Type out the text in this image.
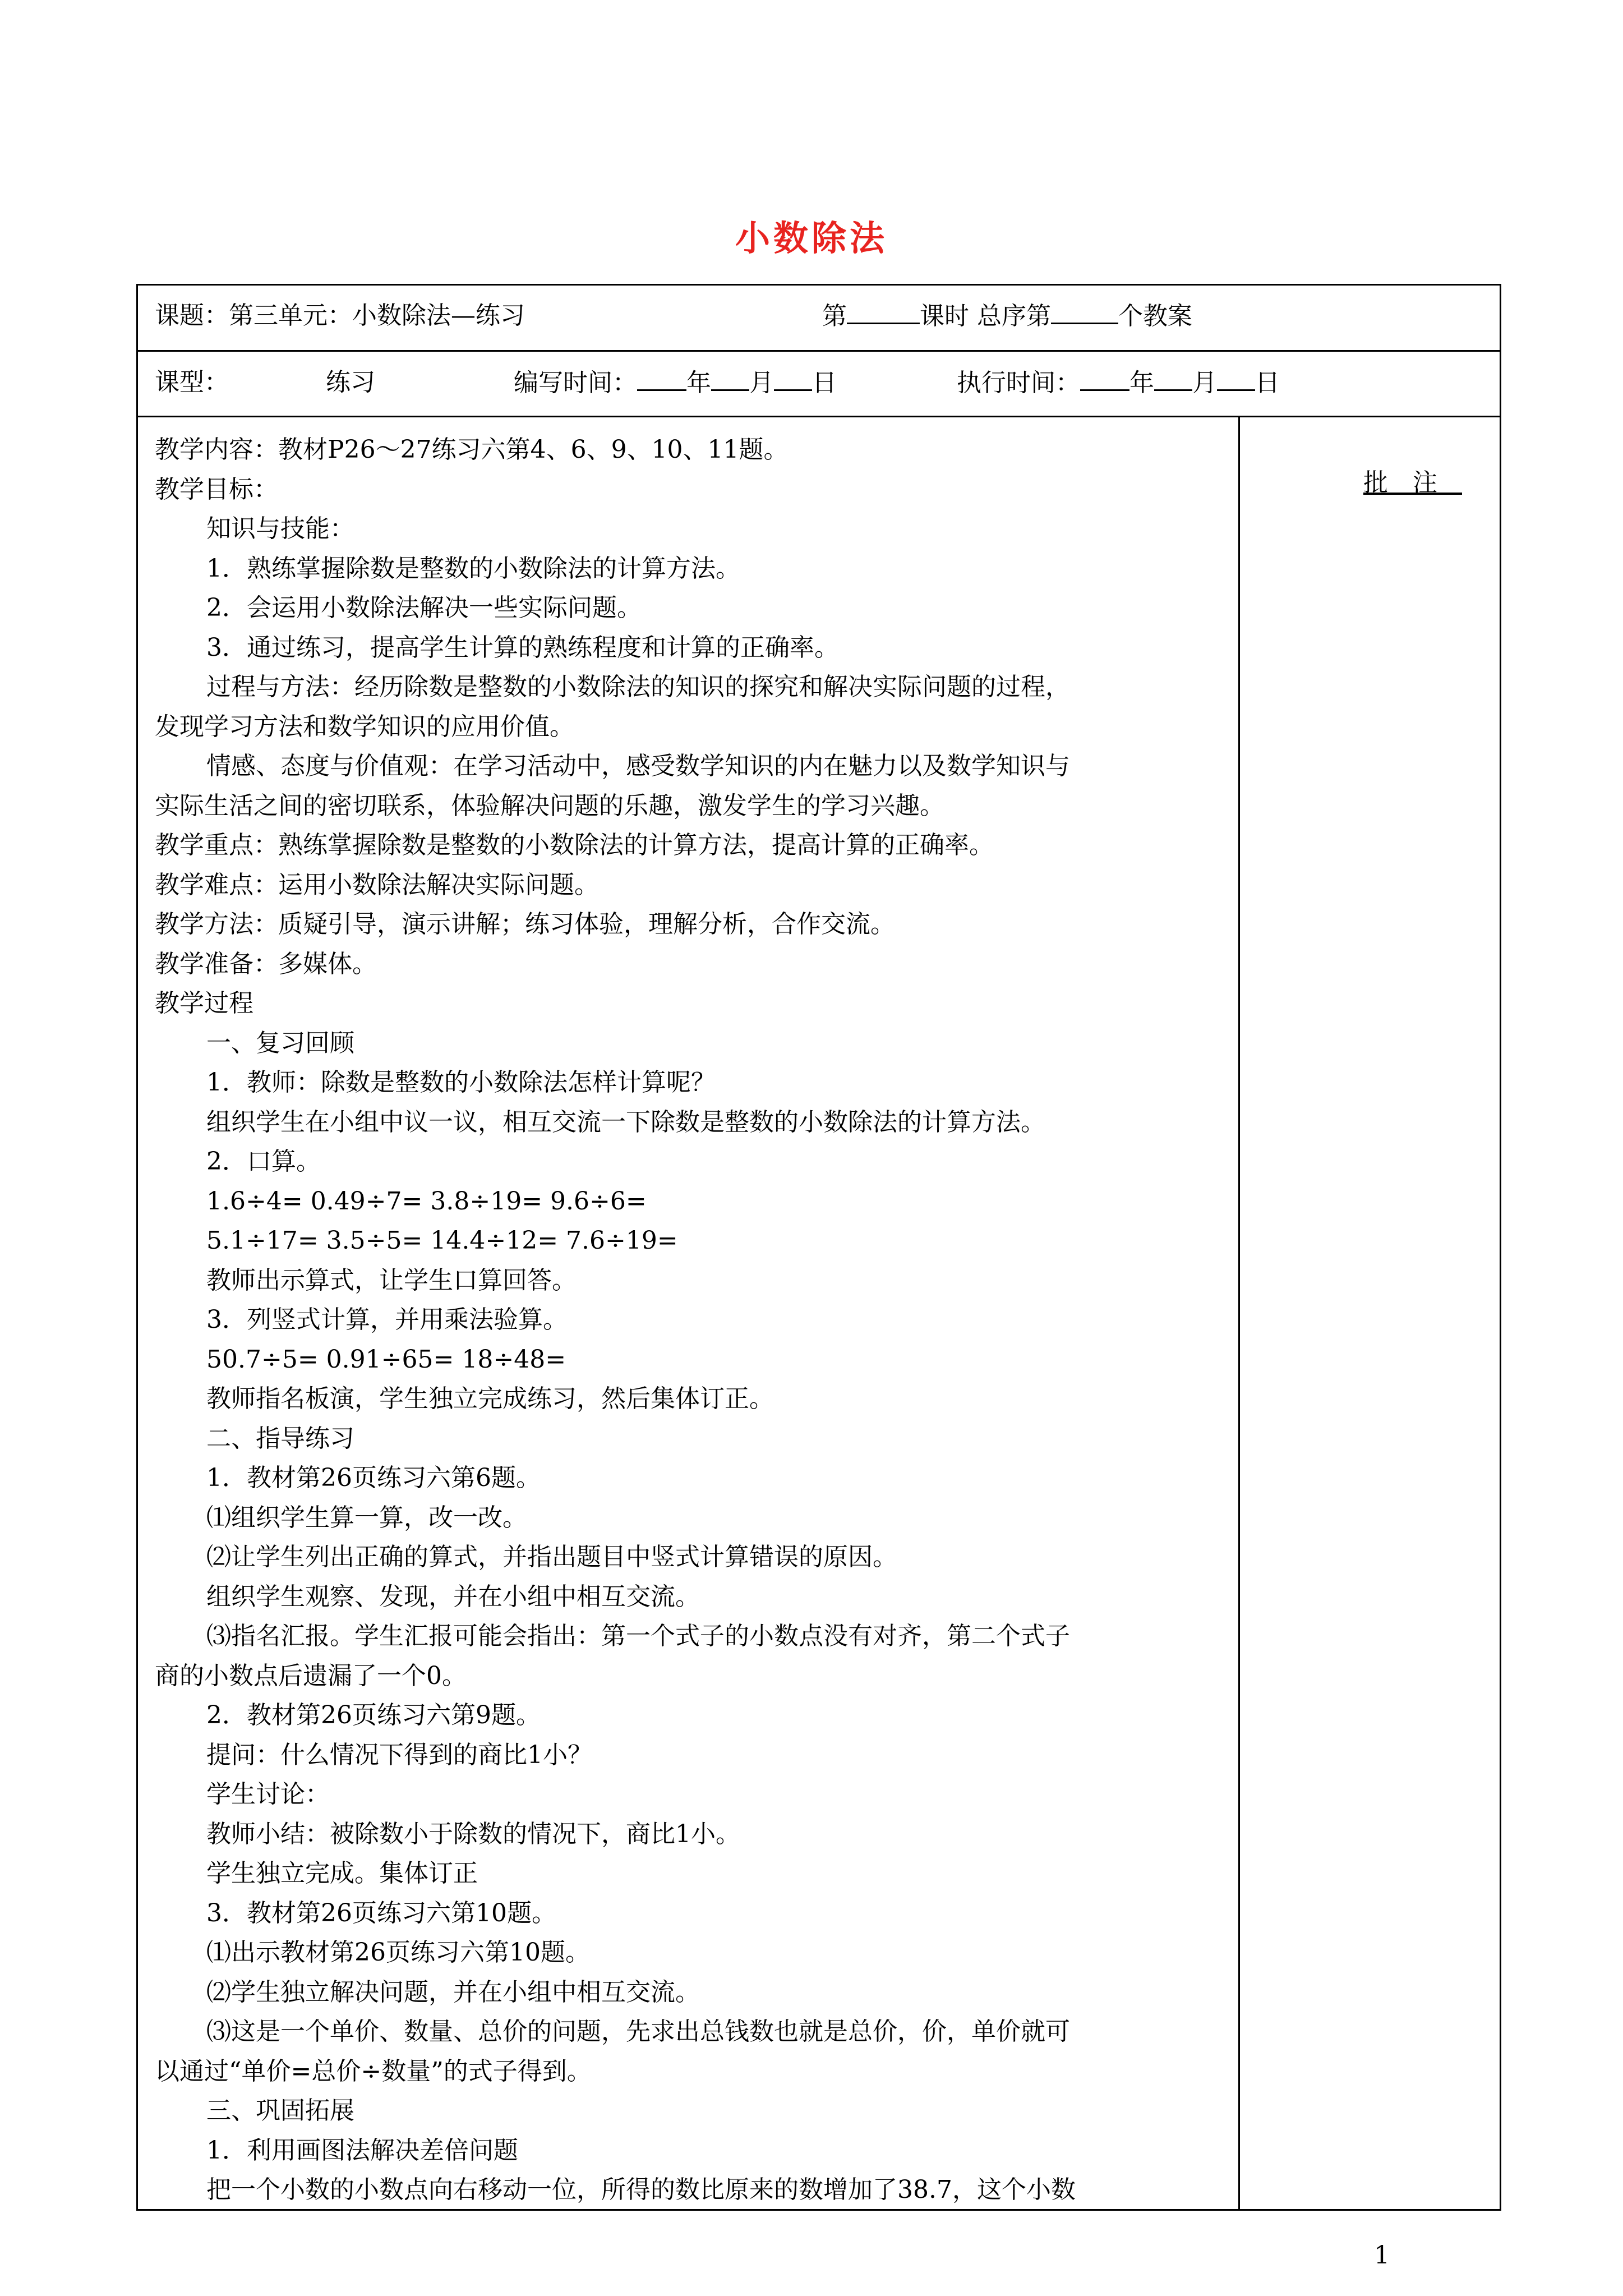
小数除法
课题：第三单元：小数除法—练习	第	课时 总序第	个教案
课型：	练习	编写时间： 年 月 日	执行时间： 年 月 日
教学内容：教材P26～27练习六第4、6、9、10、11题。
教学目标：
知识与技能：
1．熟练掌握除数是整数的小数除法的计算方法。
2．会运用小数除法解决一些实际问题。
3．通过练习，提高学生计算的熟练程度和计算的正确率。
过程与方法：经历除数是整数的小数除法的知识的探究和解决实际问题的过程，
发现学习方法和数学知识的应用价值。
情感、态度与价值观：在学习活动中，感受数学知识的内在魅力以及数学知识与
实际生活之间的密切联系，体验解决问题的乐趣，激发学生的学习兴趣。
教学重点：熟练掌握除数是整数的小数除法的计算方法，提高计算的正确率。
教学难点：运用小数除法解决实际问题。
教学方法：质疑引导，演示讲解；练习体验，理解分析，合作交流。
教学准备：多媒体。
教学过程
一、复习回顾
1．教师：除数是整数的小数除法怎样计算呢？
组织学生在小组中议一议，相互交流一下除数是整数的小数除法的计算方法。
2．口算。
1.6÷4= 0.49÷7= 3.8÷19= 9.6÷6=
5.1÷17= 3.5÷5= 14.4÷12= 7.6÷19=
教师出示算式，让学生口算回答。
3．列竖式计算，并用乘法验算。
50.7÷5= 0.91÷65= 18÷48=
教师指名板演，学生独立完成练习，然后集体订正。
二、指导练习
1．教材第26页练习六第6题。
⑴组织学生算一算，改一改。
⑵让学生列出正确的算式，并指出题目中竖式计算错误的原因。
组织学生观察、发现，并在小组中相互交流。
⑶指名汇报。学生汇报可能会指出：第一个式子的小数点没有对齐，第二个式子
商的小数点后遗漏了一个0。
2．教材第26页练习六第9题。
提问：什么情况下得到的商比1小？
学生讨论：
教师小结：被除数小于除数的情况下，商比1小。
学生独立完成。集体订正
3．教材第26页练习六第10题。
⑴出示教材第26页练习六第10题。
⑵学生独立解决问题，并在小组中相互交流。
⑶这是一个单价、数量、总价的问题，先求出总钱数也就是总价，价，单价就可
以通过“单价=总价÷数量”的式子得到。
三、巩固拓展
1．利用画图法解决差倍问题
把一个小数的小数点向右移动一位，所得的数比原来的数增加了38.7，这个小数
批注
1
